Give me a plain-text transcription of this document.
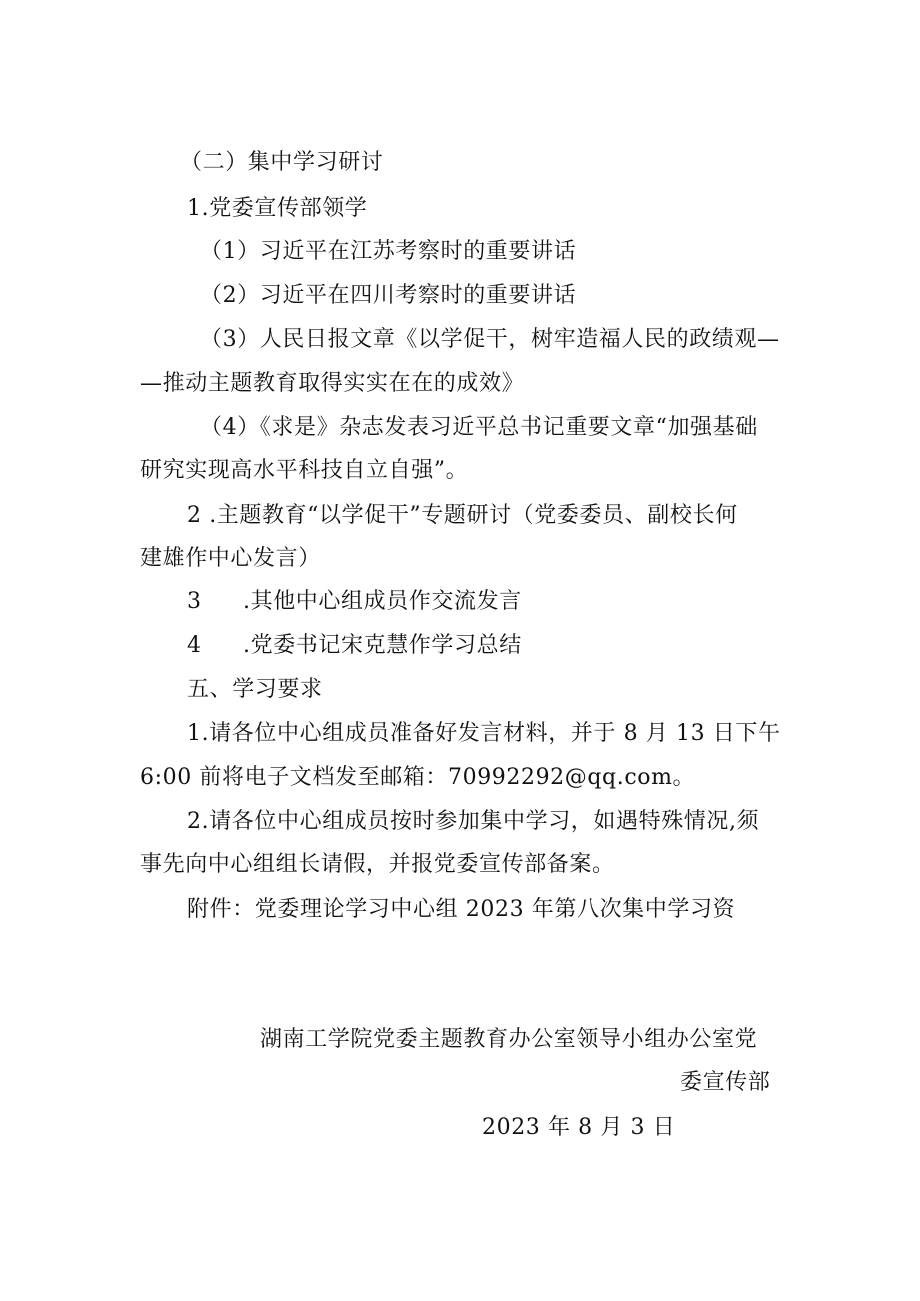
（二）集中学习研讨
1.党委宣传部领学
（1）习近平在江苏考察时的重要讲话
（2）习近平在四川考察时的重要讲话
（3）人民日报文章《以学促干，树牢造福人民的政绩观—
—推动主题教育取得实实在在的成效》
（4）《求是》杂志发表习近平总书记重要文章“加强基础
研究实现高水平科技自立自强”。
2 .主题教育“以学促干”专题研讨（党委委员、副校长何
建雄作中心发言）
3 .其他中心组成员作交流发言
4 .党委书记宋克慧作学习总结
五、学习要求
1.请各位中心组成员准备好发言材料，并于 8 月 13 日下午
6:00 前将电子文档发至邮箱：70992292@qq.com。
2.请各位中心组成员按时参加集中学习，如遇特殊情况,须
事先向中心组组长请假，并报党委宣传部备案。
附件：党委理论学习中心组 2023 年第八次集中学习资
湖南工学院党委主题教育办公室领导小组办公室党
委宣传部
2023 年 8 月 3 日
